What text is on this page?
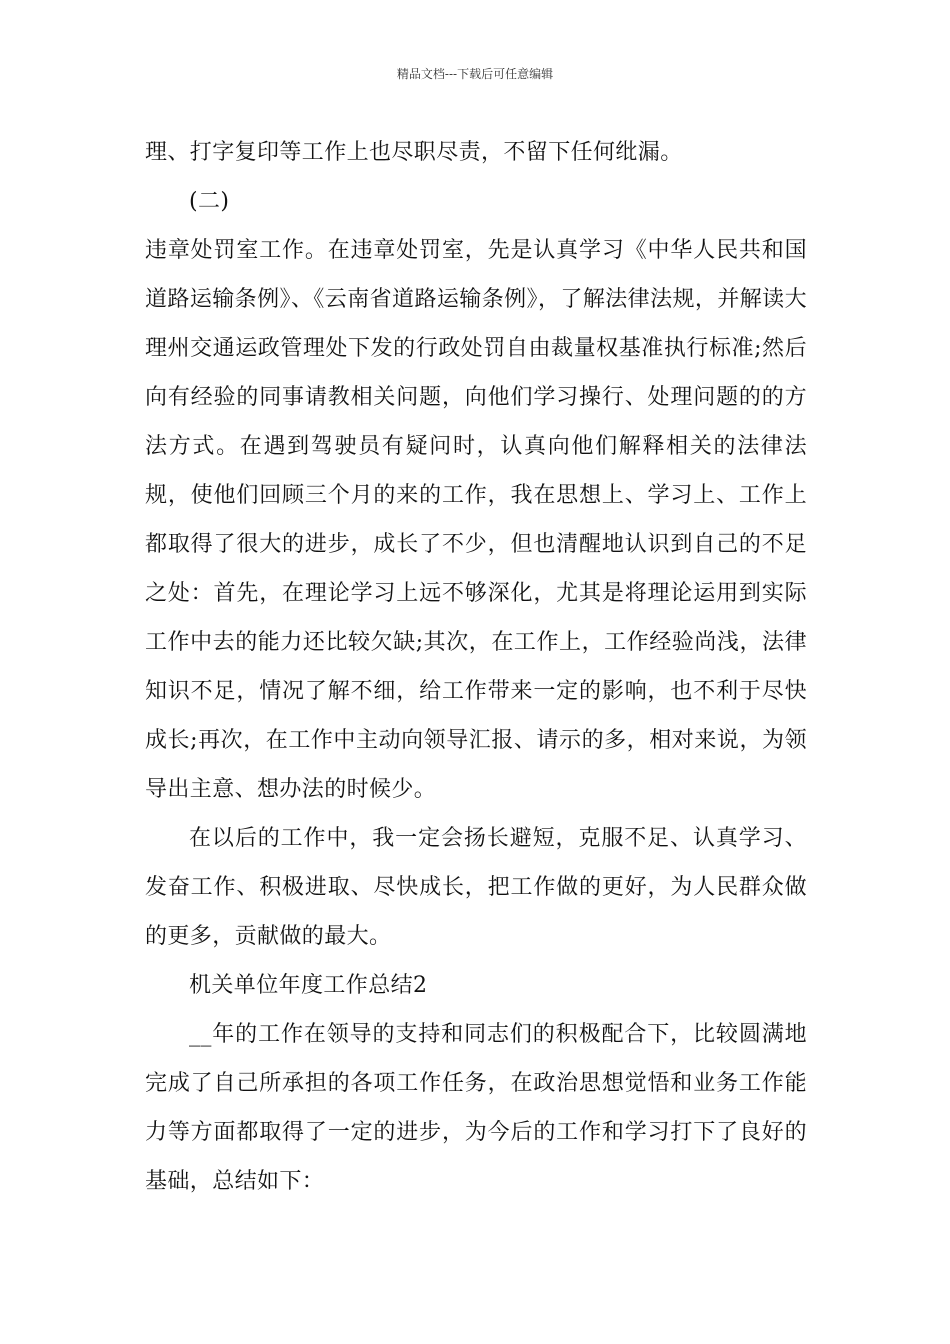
精品文档---下载后可任意编辑

理、打字复印等工作上也尽职尽责，不留下任何纰漏。

(二)

违章处罚室工作。在违章处罚室，先是认真学习《中华人民共和国道路运输条例》、《云南省道路运输条例》，了解法律法规，并解读大理州交通运政管理处下发的行政处罚自由裁量权基准执行标准;然后向有经验的同事请教相关问题，向他们学习操行、处理问题的的方法方式。在遇到驾驶员有疑问时，认真向他们解释相关的法律法规，使他们回顾三个月的来的工作，我在思想上、学习上、工作上都取得了很大的进步，成长了不少，但也清醒地认识到自己的不足之处：首先，在理论学习上远不够深化，尤其是将理论运用到实际工作中去的能力还比较欠缺;其次，在工作上，工作经验尚浅，法律知识不足，情况了解不细，给工作带来一定的影响，也不利于尽快成长;再次，在工作中主动向领导汇报、请示的多，相对来说，为领导出主意、想办法的时候少。

在以后的工作中，我一定会扬长避短，克服不足、认真学习、发奋工作、积极进取、尽快成长，把工作做的更好，为人民群众做的更多，贡献做的最大。

机关单位年度工作总结2

__年的工作在领导的支持和同志们的积极配合下，比较圆满地完成了自己所承担的各项工作任务，在政治思想觉悟和业务工作能力等方面都取得了一定的进步，为今后的工作和学习打下了良好的基础，总结如下：
